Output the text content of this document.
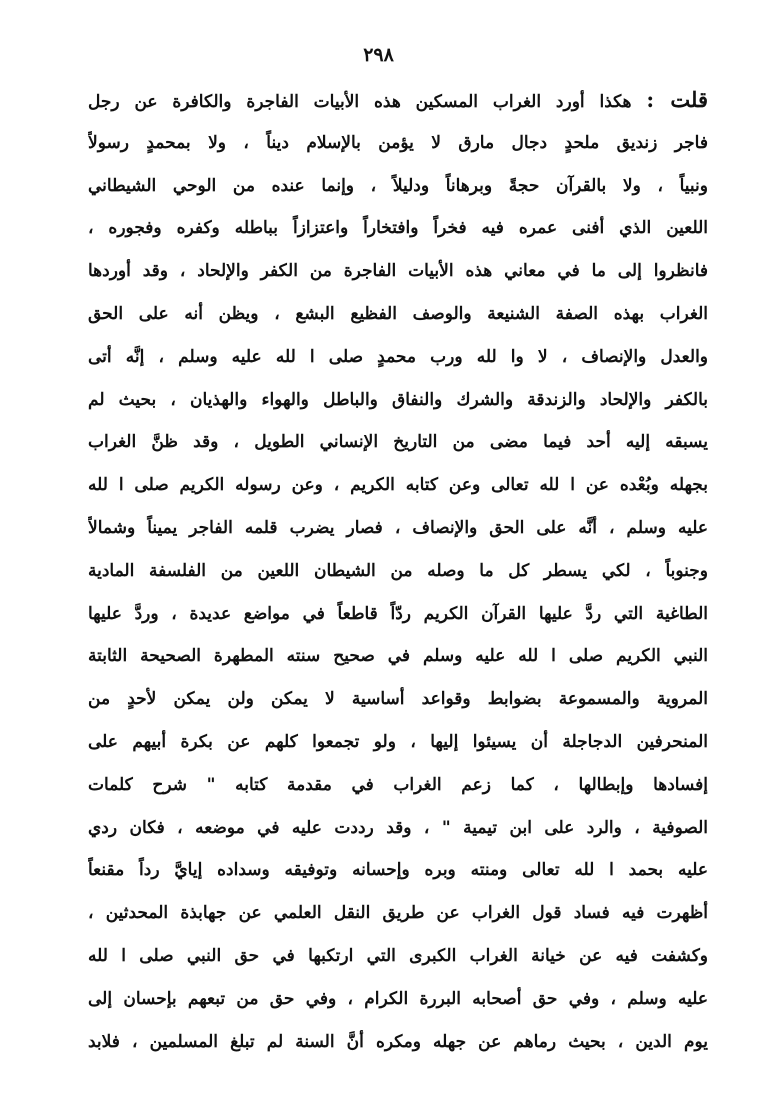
٢٩٨
قلت : هكذا أورد الغراب المسكين هذه الأبيات الفاجرة والكافرة عن رجل
فاجر زنديق ملحدٍ دجال مارق لا يؤمن بالإسلام ديناً ، ولا بمحمدٍ رسولاً
ونبياً ، ولا بالقرآن حجةً وبرهاناً ودليلاً ، وإنما عنده من الوحي الشيطاني
اللعين الذي أفنى عمره فيه فخراً وافتخاراً واعتزازاً بباطله وكفره وفجوره ،
فانظروا إلى ما في معاني هذه الأبيات الفاجرة من الكفر والإلحاد ، وقد أوردها
الغراب بهذه الصفة الشنيعة والوصف الفظيع البشع ، ويظن أنه على الحق
والعدل والإنصاف ، لا وا لله ورب محمدٍ صلى ا لله عليه وسلم ، إنَّه أتى
بالكفر والإلحاد والزندقة والشرك والنفاق والباطل والهواء والهذيان ، بحيث لم
يسبقه إليه أحد فيما مضى من التاريخ الإنساني الطويل ، وقد ظنَّ الغراب
بجهله وبُعْده عن ا لله تعالى وعن كتابه الكريم ، وعن رسوله الكريم صلى ا لله
عليه وسلم ، أنَّه على الحق والإنصاف ، فصار يضرب قلمه الفاجر يميناً وشمالاً
وجنوباً ، لكي يسطر كل ما وصله من الشيطان اللعين من الفلسفة المادية
الطاغية التي ردَّ عليها القرآن الكريم ردّاً قاطعاً في مواضع عديدة ، وردَّ عليها
النبي الكريم صلى ا لله عليه وسلم في صحيح سنته المطهرة الصحيحة الثابتة
المروية والمسموعة بضوابط وقواعد أساسية لا يمكن ولن يمكن لأحدٍ من
المنحرفين الدجاجلة أن يسيئوا إليها ، ولو تجمعوا كلهم عن بكرة أبيهم على
إفسادها وإبطالها ، كما زعم الغراب في مقدمة كتابه " شرح كلمات
الصوفية ، والرد على ابن تيمية " ، وقد رددت عليه في موضعه ، فكان ردي
عليه بحمد ا لله تعالى ومنته وبره وإحسانه وتوفيقه وسداده إيايَّ رداً مقنعاً
أظهرت فيه فساد قول الغراب عن طريق النقل العلمي عن جهابذة المحدثين ،
وكشفت فيه عن خيانة الغراب الكبرى التي ارتكبها في حق النبي صلى ا لله
عليه وسلم ، وفي حق أصحابه البررة الكرام ، وفي حق من تبعهم بإحسان إلى
يوم الدين ، بحيث رماهم عن جهله ومكره أنَّ السنة لم تبلغ المسلمين ، فلابد
